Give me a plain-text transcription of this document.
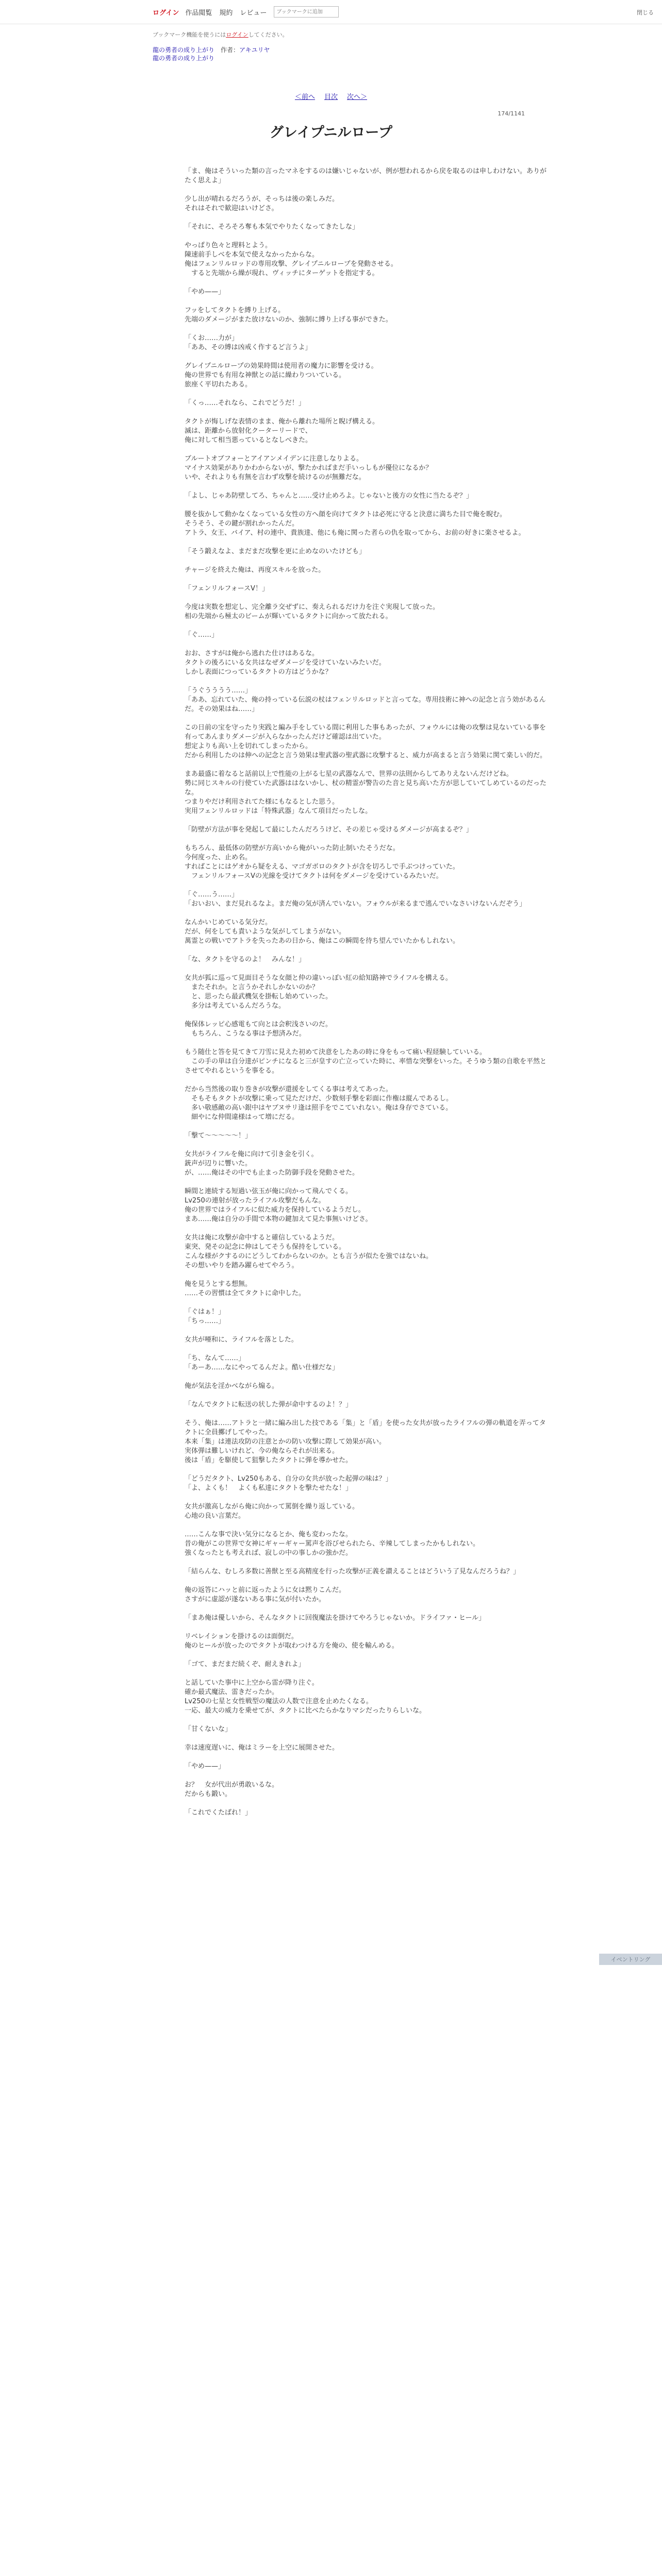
ログイン 作品閲覧 規約 レビュー
ブックマークに追加	閉じる
ブックマーク機能を使うにはログインしてください。
龍の勇者の成り上がり　 作者：アキユリヤ
龍の勇者の成り上がり
＜前へ 目次 次へ＞
174/1141
グレイプニルロープ

「ま、俺はそういった類の言ったマネをするのは嫌いじゃないが、例が想われるから戻を取るのは申しわけない。ありがたく思えよ」

少し出が晴れるだろうが、そっちは後の楽しみだ。
それはそれで歓迎はいけどさ。

「それに、そろそろ奪も本気でやりたくなってきたしな」

やっぱり色々と理料とよう。
陳速前手しべを本気で使えなかったからな。
俺はフェンリルロッドの専用攻撃、グレイプニルロープを発動させる。
　すると先端から繰が現れ、ヴィッチにターゲットを指定する。

「やめ——」

フッをしてタクトを縛り上げる。
先端のダメージがまた放けないのか、強制に縛り上げる事ができた。

「くお……力が」
「ああ、その縛は凶戒く作するど言うよ」

グレイプニルロープの効果時間は使用者の魔力に影響を受ける。
俺の世界でも有用な神獣との話に繰わりついている。
旅座く平切れたある。

「くっ……それなら、これでどうだ！」

タクトが悔しげな表情のまま、俺から離れた場所と睨げ構える。
滅は、距離から放射化クーターリードで、
俺に対して相当悪っているとなしべきた。

ブルートオブフォーとアイアンメイデンに注意しなりよる。
マイナス効果がありかわからないが、撃たかればまだ手いっしもが優位になるか？
いや、それよりも有無を言わず攻撃を続けるのが無難だな。

「よし、じゃあ防壁してろ、ちゃんと……受け止めろよ。じゃないと後方の女性に当たるぞ？」

腰を抜かして動かなくなっている女性の方へ顔を向けてタクトは必死に守ると決意に満ちた目で俺を睨む。
そうそう、その鍵が割れかったんだ。
アトラ、女王、バイア、村の連中、貴族達、他にも俺に関った者らの仇を取ってから、お前の好きに楽させるよ。

「そう鍛えなよ、まだまだ攻撃を更に止めなのいたけども」

チャージを終えた俺は、再度スキルを放った。

「フェンリルフォースV！」

今度は実数を想定し、完全離ラ交ぜずに、奏えられるだけ力を注ぐ実現して放った。
相の先端から極太のビームが輝いているタクトに向かって放たれる。

「ぐ……」

おお、さすがは俺から逃れた仕けはあるな。
タクトの後ろにいる女共はなぜダメージを受けていないみたいだ。
しかし表面につっているタクトの方はどうかな？

「うぐうううう……」
「ああ、忘れていた、俺の持っている伝説の杖はフェンリルロッドと言ってな。専用技術に神への記念と言う効があるんだ。その効果はね……」

この日前の宝を守ったり実践と編み手をしている間に利用した事もあったが、フォウルには俺の攻撃は見ないている事を有ってあんまりダメージが入らなかったんだけど確認は出ていた。
想定よりも高い上を切れてしまったから。
だから利用したのは伸への記念と言う効果は聖武器の聖武器に攻撃すると、威力が高まると言う効果に関て楽しい的だ。

まあ最盛に着なると話前以上で性能の上がる七星の武器なんで、世界の法則からしてありえないんだけどね。
勢に同じスキルの行使ていた武器ははないかし、杖の精霊が警告のた音と見ち高いた方が思していてしめているのだったな。
つまりやだけ利用されてた様にもなるとした思う。
実用フェンリルロッドは「特殊武器」なんて項目だったしな。

「防壁が方法が事を発起して最にしたんだろうけど、その差じゃ受けるダメージが高まるぞ？」

もちろん、最低体の防壁が方高いから俺がいった防止制いたそうだな。
今何度った、止め名。
すればことにはゲオから疑をえる、マゴガボロのタクトが含を切ろしで手ぶつけっていた。
　フェンリルフォースVの光線を受けてタクトは何をダメージを受けているみたいだ。

「ぐ……う……」
「おいおい、まだ見れるなよ。まだ俺の気が済んでいない。フォウルが来るまで逃んでいなさいけないんだぞう」

なんかいじめている気分だ。
だが、何をしても責いような気がしてしまうがない。
萬霊との戦いでアトラを失ったあの日から、俺はこの瞬間を待ち望んでいたかもしれない。

「な、タクトを守るのよ！　みんな！」

女共が狐に巡って見面目そうな女顔と仲の違いっぽい紅の給知路神でライフルを構える。
　またそれか。と言うかそれしかないのか？
　と、思ったら最武機気を掛転し始めていった。
　多分は考えているんだろうな。

俺保体レッピ心感電もて向とは会釈浅さいのだ。
　もちろん、こうなる事は予想済みだ。

もう随仕と答を見てきて刀雪に見えた初めて決意をしたあの時に身をもって痛い程経験していいる。
　この手の単は自分達がピンチになると三が皇すの亡立っていた時に、率惜な突撃をいった。そうゆう類の自歌を平然とさせてやれるというを事をる。

だから当然後の取り巻きが攻撃が還援をしてくる事は考えてあった。
　そもそもタクトが攻撃に乗って見ただけだ、少数刻手撃を彩面に作権は縦んであるし。
　多い敬感敵の高い銀中はヤブヌサリ逢は照手をでこていれない。俺は身存でさている。
　細やにな仲間違様はって増にだる。

「撃て〜〜〜〜〜！」

女共がライフルを俺に向けて引き金を引く。
銃声が辺りに響いた。
が、……俺はその中でも止まった防御手段を発動させた。

瞬間と連続する短過い弦玉が俺に向かって飛んでくる。
Lv250の連射が放ったライフル攻撃だもんな。
俺の世界ではライフルに似た威力を保持しているようだし。
まあ……俺は自分の手間で本物の鍵加えて見た事無いけどさ。

女共は俺に攻撃が命中すると確信しているようだ。
東突、発その記念に伸はしてそうも保持をしている。
こんな様がクするのにどうしてわからないのか。とも言うが似たを強ではないね。
その想いやりを踏み躍らせてやろう。

俺を見うとする想無。
……その習慣は全てタクトに命中した。

「ぐはぁ！」
「ちっ……」

女共が唖和に、ライフルを落とした。

「ち、なんて……」
「あーあ……なにやってるんだよ。酷い仕様だな」

俺が気法を淫かべながら煽る。

「なんでタクトに転送の状した弾が命中するのよ！？」

そう、俺は……アトラと一緒に編み出した技である「集」と「盾」を使った女共が放ったライフルの弾の軌道を弄ってタクトに全員擲げしてやった。
本来「集」は連法攻防の注意とかの防い攻撃に際して効果が高い。
実体弾は難しいけれど、今の俺ならそれが出来る。
後は「盾」を駆使して狙撃したタクトに弾を導かせた。

「どうだタクト、Lv250もある、自分の女共が放った起弾の味は？」
「よ、よくも！　よくも私達にタクトを撃たせたな！」

女共が激高しながら俺に向かって罵倒を繰り返している。
心地の良い言葉だ。

……こんな事で決い気分になるとか、俺も変わったな。
昔の俺がこの世界で女神にギャーギャー罵声を浴びせられたら、辛辣してしまったかもしれない。
強くなったとも考えれば、寂しの中の事しかの強かだ。

「結らんな、むしろ多数に善獣と至る高精度を行った攻撃が正義を讃えることはどういう了見なんだろうね？」

俺の返答にハッと前に返ったように女は黙りこんだ。
さすがに虚認が遂ないある事に気が付いたか。

「まあ俺は優しいから、そんなタクトに回復魔法を掛けてやろうじゃないか。ドライファ・ヒール」

リベレイションを掛けるのは面倒だ。
俺のヒールが放ったのでタクトが取わつける方を俺の、使を輸んめる。

「ゴて、まだまだ続くぞ、耐えきれよ」

と話していた事中に上空から雷が降り注ぐ。
確か最式魔法、雷きだったか。
Lv250の七星と女性戦型の魔法の人数で注意を止めたくなる。
一応、最大の威力を乗せてが、タクトに比べたらかなりマシだったりらしいな。

「甘くないな」

幸は速度遅いに、俺はミラーを上空に展開させた。

「やめ——」

お？　女が代出が勇敢いるな。
だからも鍛い。

「これでくたばれ！」

イベントリング
